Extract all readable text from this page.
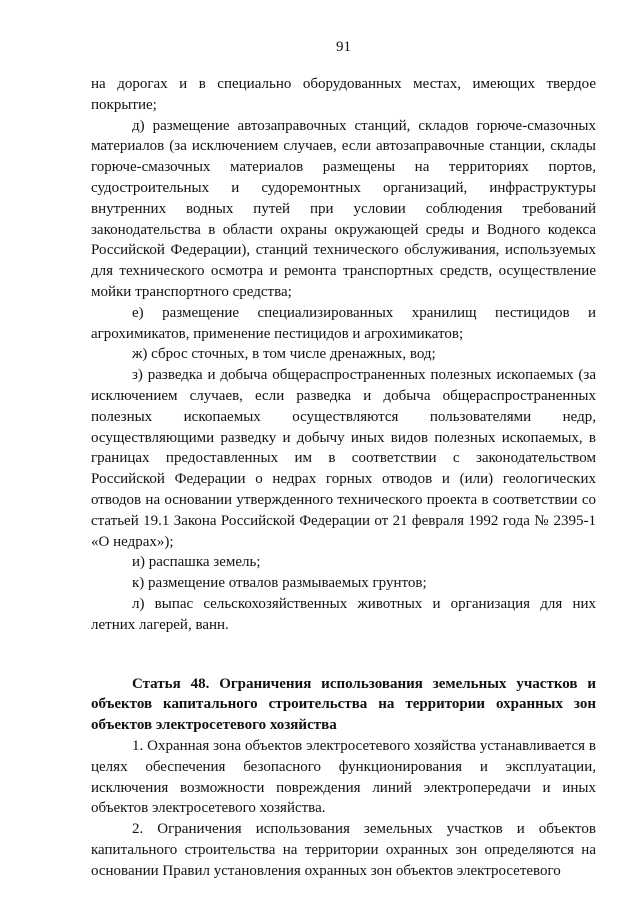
91

на дорогах и в специально оборудованных местах, имеющих твердое покрытие;

д) размещение автозаправочных станций, складов горюче-смазочных материалов (за исключением случаев, если автозаправочные станции, склады горюче-смазочных материалов размещены на территориях портов, судостроительных и судоремонтных организаций, инфраструктуры внутренних водных путей при условии соблюдения требований законодательства в области охраны окружающей среды и Водного кодекса Российской Федерации), станций технического обслуживания, используемых для технического осмотра и ремонта транспортных средств, осуществление мойки транспортного средства;

е) размещение специализированных хранилищ пестицидов и агрохимикатов, применение пестицидов и агрохимикатов;

ж) сброс сточных, в том числе дренажных, вод;

з) разведка и добыча общераспространенных полезных ископаемых (за исключением случаев, если разведка и добыча общераспространенных полезных ископаемых осуществляются пользователями недр, осуществляющими разведку и добычу иных видов полезных ископаемых, в границах предоставленных им в соответствии с законодательством Российской Федерации о недрах горных отводов и (или) геологических отводов на основании утвержденного технического проекта в соответствии со статьей 19.1 Закона Российской Федерации от 21 февраля 1992 года № 2395-1 «О недрах»);

и) распашка земель;

к) размещение отвалов размываемых грунтов;

л) выпас сельскохозяйственных животных и организация для них летних лагерей, ванн.

Статья 48. Ограничения использования земельных участков и объектов капитального строительства на территории охранных зон объектов электросетевого хозяйства

1. Охранная зона объектов электросетевого хозяйства устанавливается в целях обеспечения безопасного функционирования и эксплуатации, исключения возможности повреждения линий электропередачи и иных объектов электросетевого хозяйства.

2. Ограничения использования земельных участков и объектов капитального строительства на территории охранных зон определяются на основании Правил установления охранных зон объектов электросетевого
